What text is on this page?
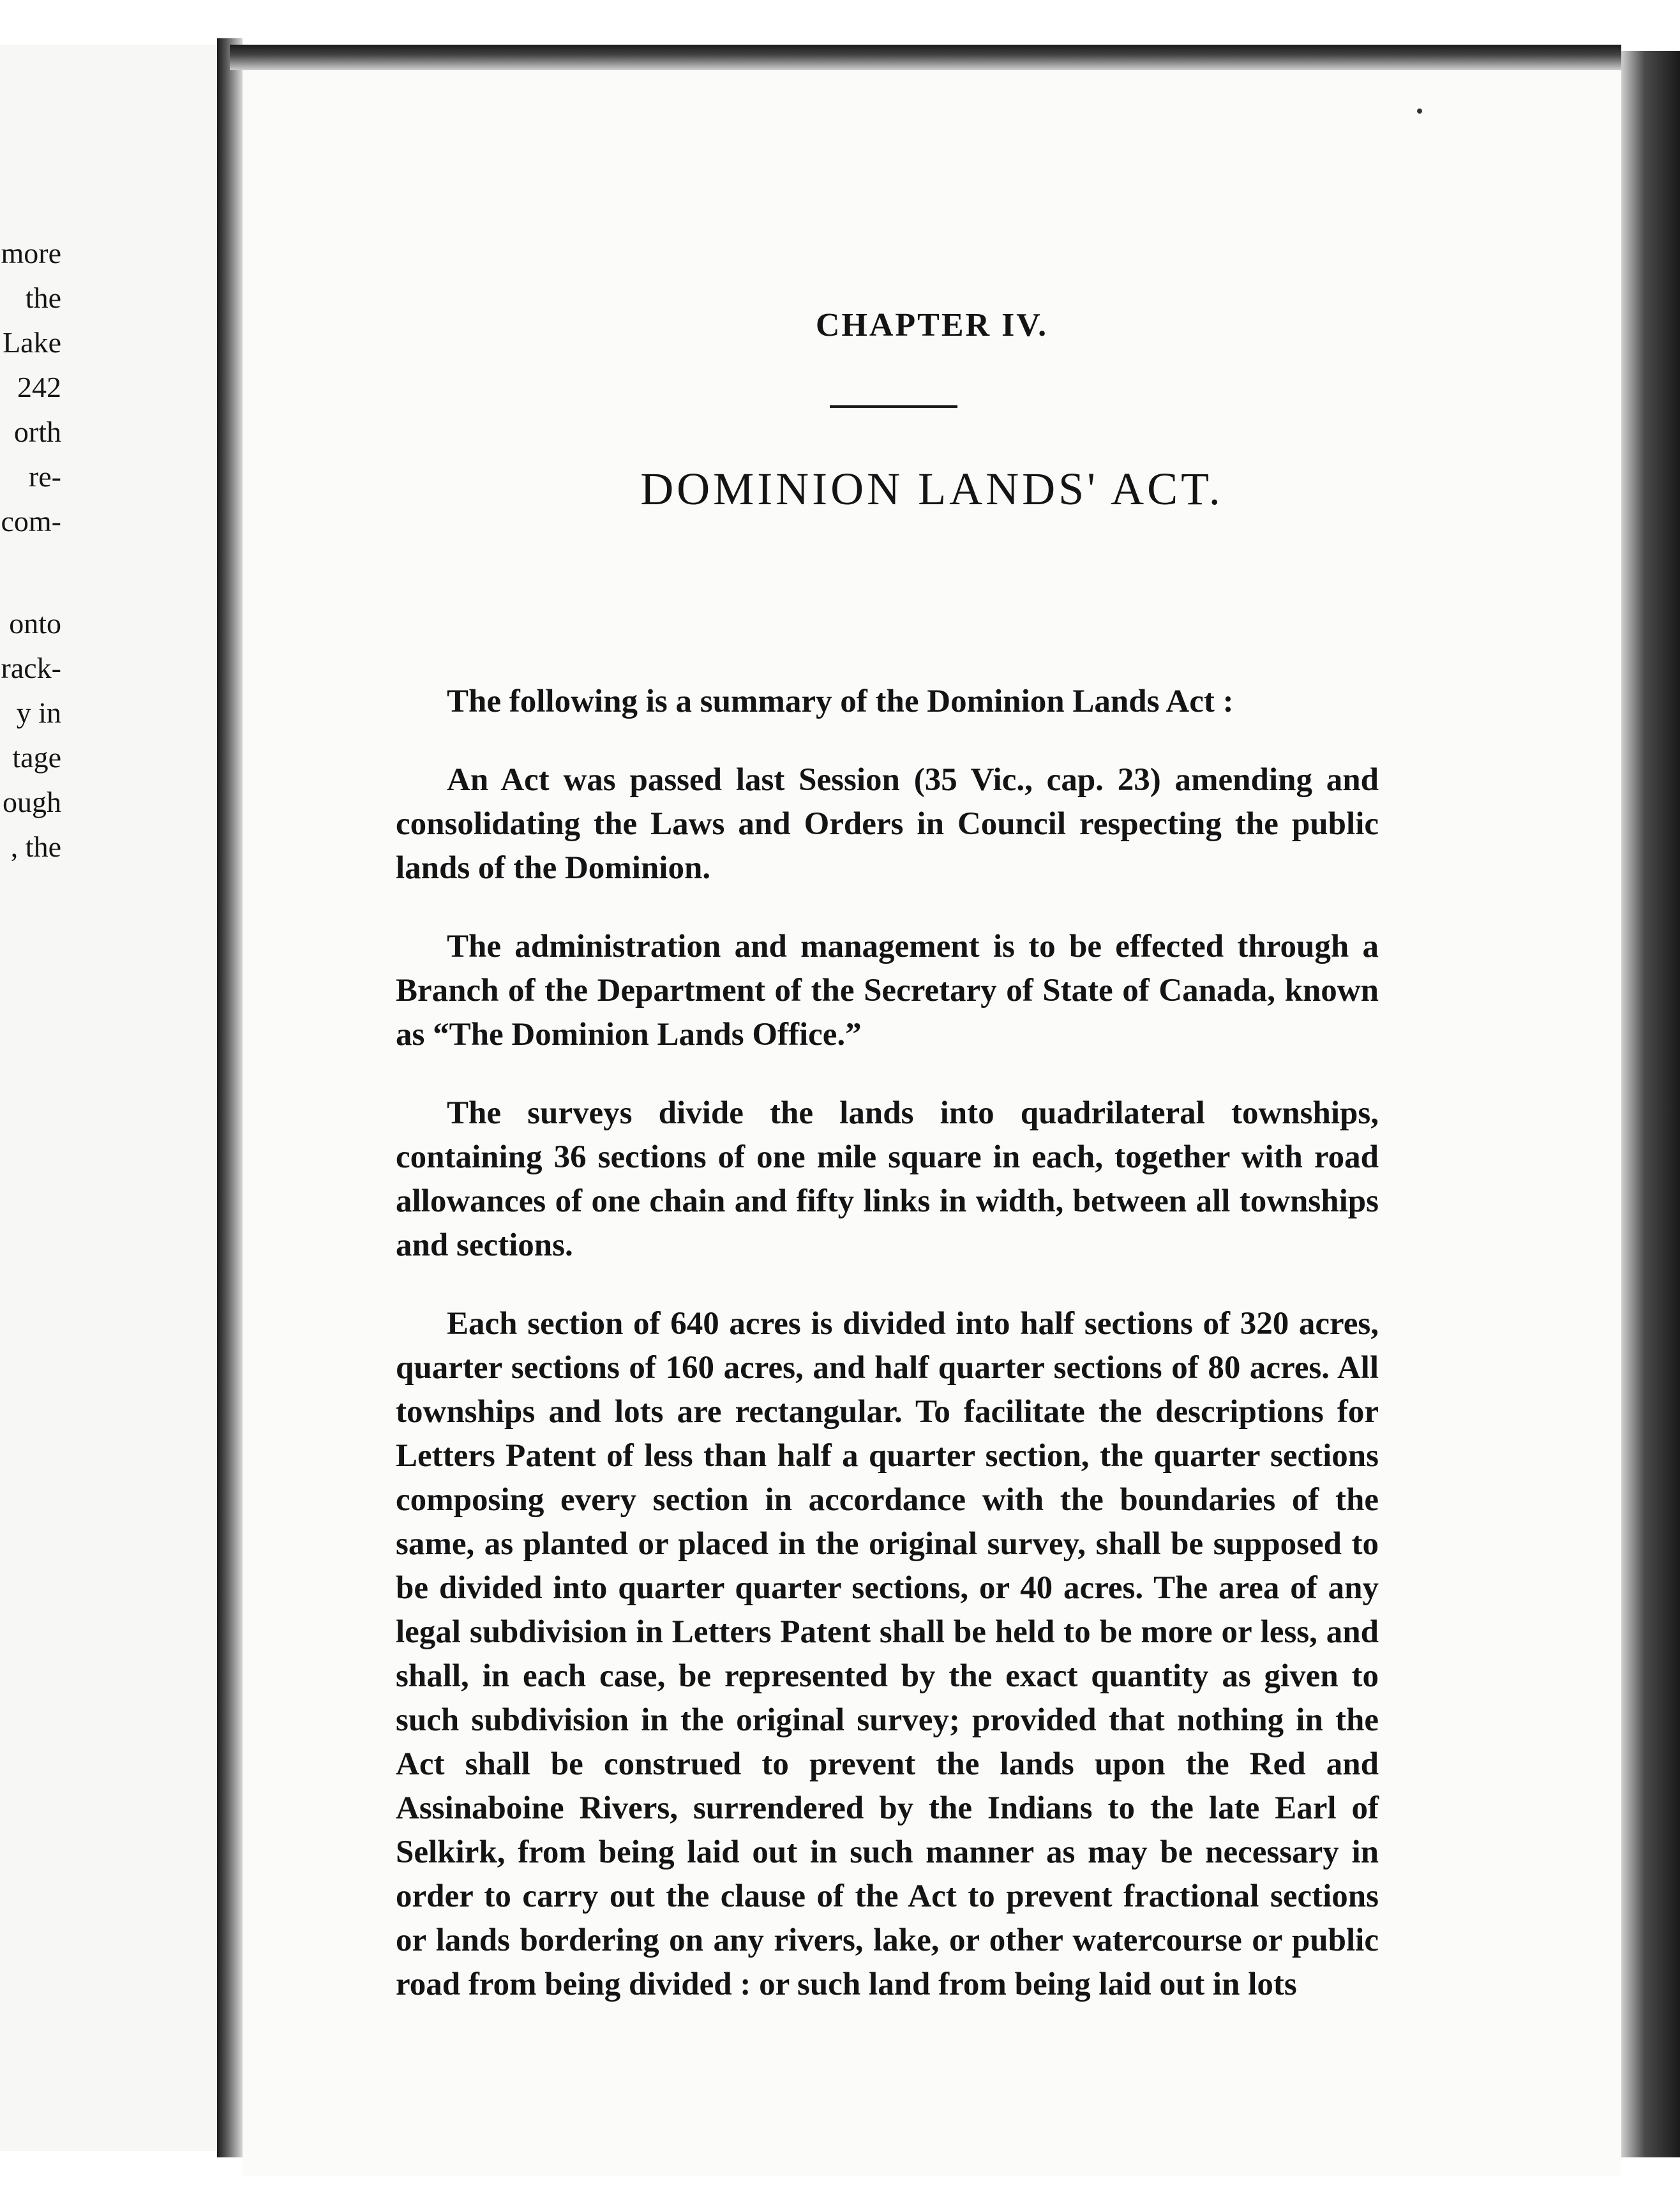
more
the
Lake
242
orth
re-
com-
onto
rack-
y in
tage
ough
, the
CHAPTER IV.
DOMINION LANDS' ACT.

The following is a summary of the Dominion Lands Act :

An Act was passed last Session (35 Vic., cap. 23) amending and consolidating the Laws and Orders in Council respecting the public lands of the Dominion.

The administration and management is to be effected through a Branch of the Department of the Secretary of State of Canada, known as “The Dominion Lands Office.”

The surveys divide the lands into quadrilateral townships, containing 36 sections of one mile square in each, together with road allowances of one chain and fifty links in width, between all townships and sections.

Each section of 640 acres is divided into half sections of 320 acres, quarter sections of 160 acres, and half quarter sections of 80 acres. All townships and lots are rectangular. To facilitate the descriptions for Letters Patent of less than half a quarter section, the quarter sections composing every section in accordance with the boundaries of the same, as planted or placed in the original survey, shall be supposed to be divided into quarter quarter sections, or 40 acres. The area of any legal subdivision in Letters Patent shall be held to be more or less, and shall, in each case, be represented by the exact quantity as given to such subdivision in the original survey; provided that nothing in the Act shall be construed to prevent the lands upon the Red and Assinaboine Rivers, surrendered by the Indians to the late Earl of Selkirk, from being laid out in such manner as may be necessary in order to carry out the clause of the Act to prevent fractional sections or lands bordering on any rivers, lake, or other watercourse or public road from being divided : or such land from being laid out in lots
